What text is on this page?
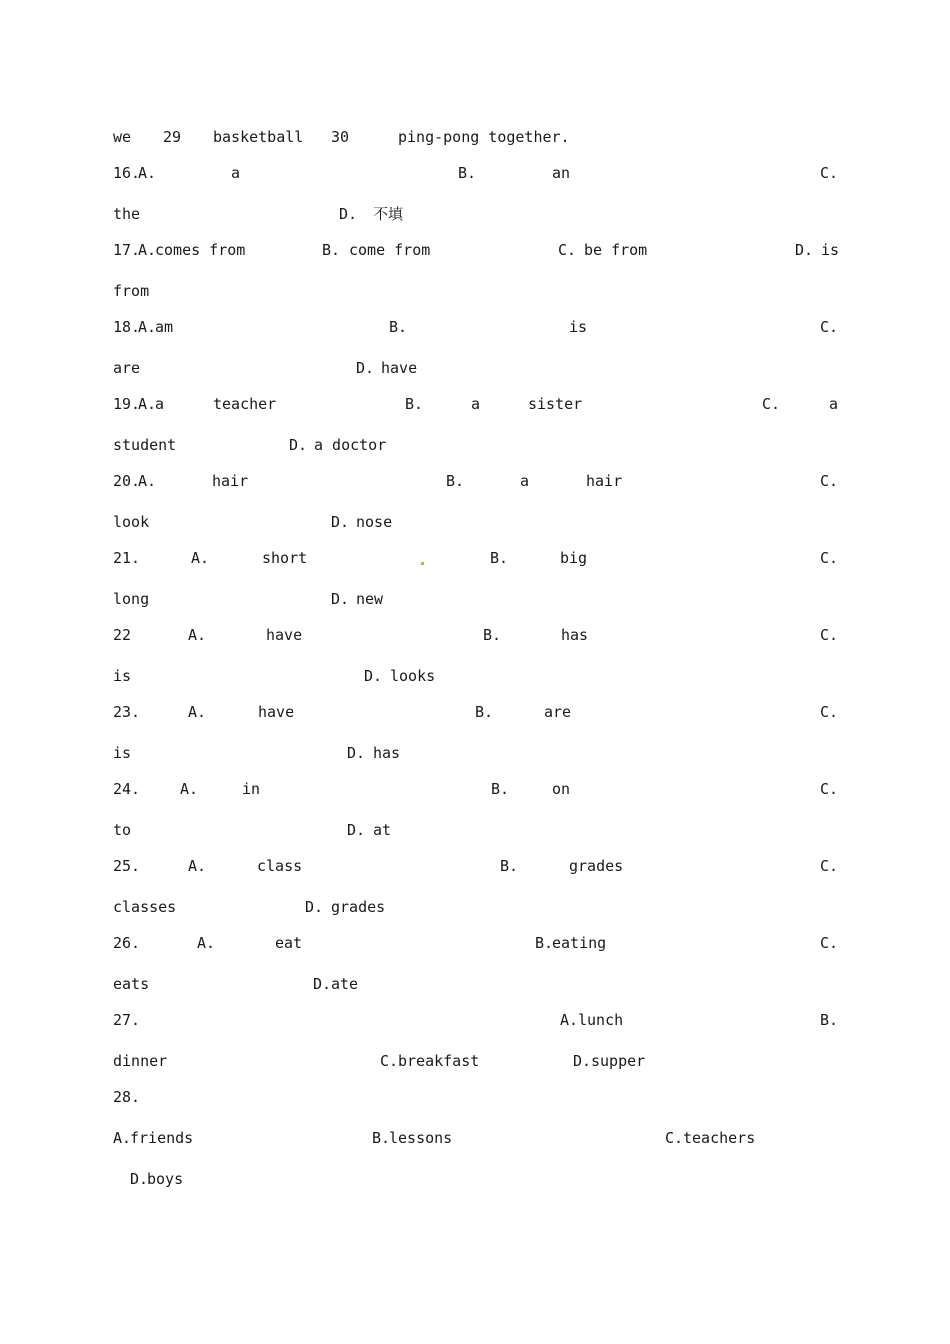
we 29 basketball 30	ping-pong together.
16.
A.	a	B.	an	C.
the	D. 不填
17.
A.
comes from	B. come from	C. be from	D. is
from
18.
A.
am	B.	is	C.
are	D. have
19.
A.
a	teacher	B.	a	sister	C.	a
student	D. a doctor
20.
A.	hair	B.	a	hair	C.
look	D. nose
21.	A.	short	B.	big	C.
long	D. new
22	A.	have	B.	has	C.
is	D. looks
23.	A.	have	B.	are	C.
is	D. has
24.	A.	in	B.	on	C.
to	D. at
25.	A.	class	B.	grades	C.
classes	D. grades
26.	A.	eat	B.
eating	C.
eats	D. ate
27.	A. lunch	B.
dinner	C. breakfast	D. supper
28.
A.
friends	B.
lessons	C. teachers
D.
boys
